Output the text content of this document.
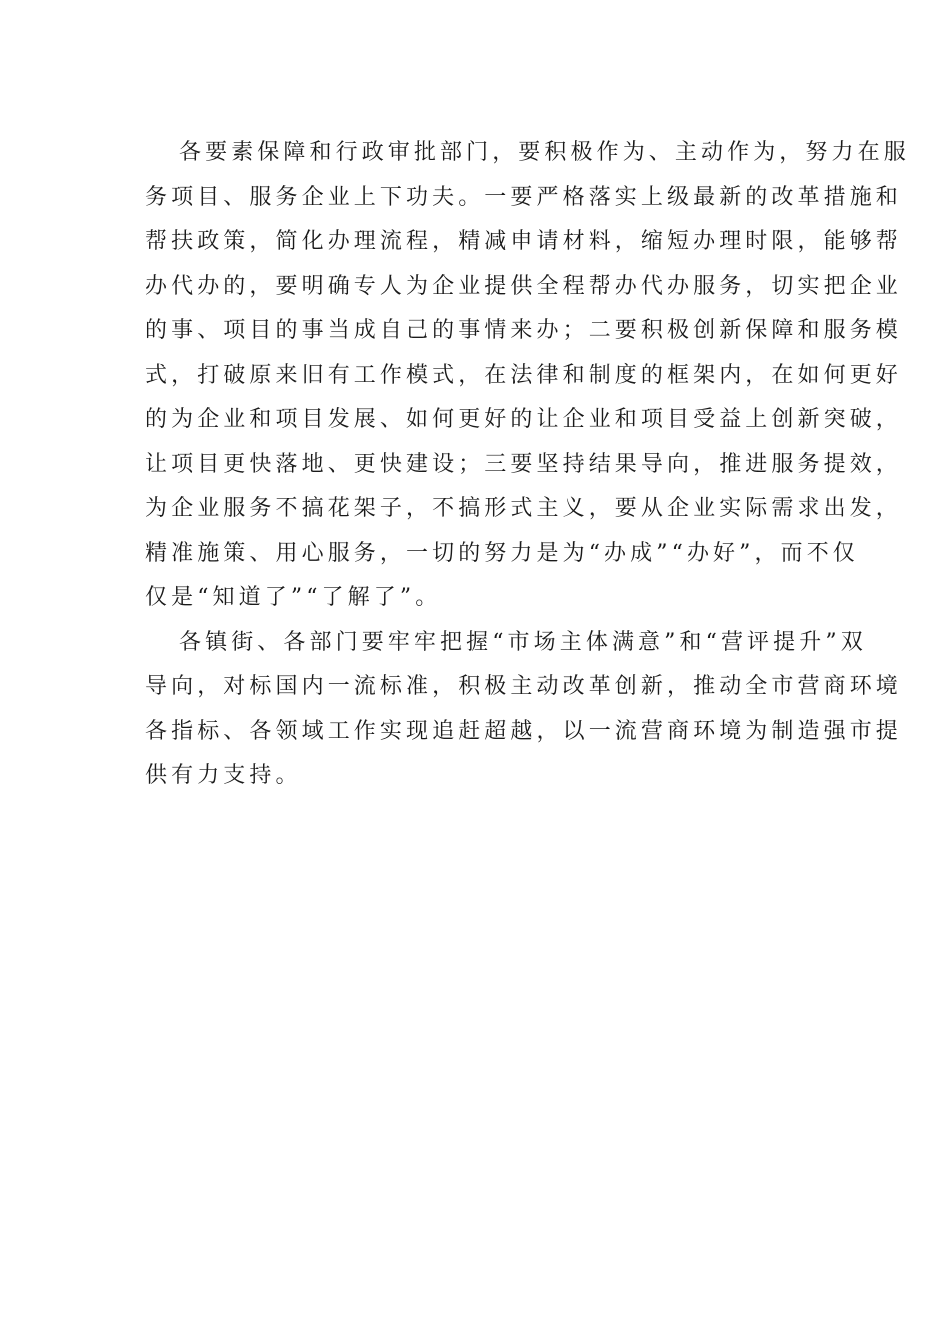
各要素保障和行政审批部门，要积极作为、主动作为，努力在服
务项目、服务企业上下功夫。一要严格落实上级最新的改革措施和
帮扶政策，简化办理流程，精减申请材料，缩短办理时限，能够帮
办代办的，要明确专人为企业提供全程帮办代办服务，切实把企业
的事、项目的事当成自己的事情来办；二要积极创新保障和服务模
式，打破原来旧有工作模式，在法律和制度的框架内，在如何更好
的为企业和项目发展、如何更好的让企业和项目受益上创新突破，
让项目更快落地、更快建设；三要坚持结果导向，推进服务提效，
为企业服务不搞花架子，不搞形式主义，要从企业实际需求出发，
精准施策、用心服务，一切的努力是为“办成”“办好”，而不仅
仅是“知道了”“了解了”。
各镇街、各部门要牢牢把握“市场主体满意”和“营评提升”双
导向，对标国内一流标准，积极主动改革创新，推动全市营商环境
各指标、各领域工作实现追赶超越，以一流营商环境为制造强市提
供有力支持。
